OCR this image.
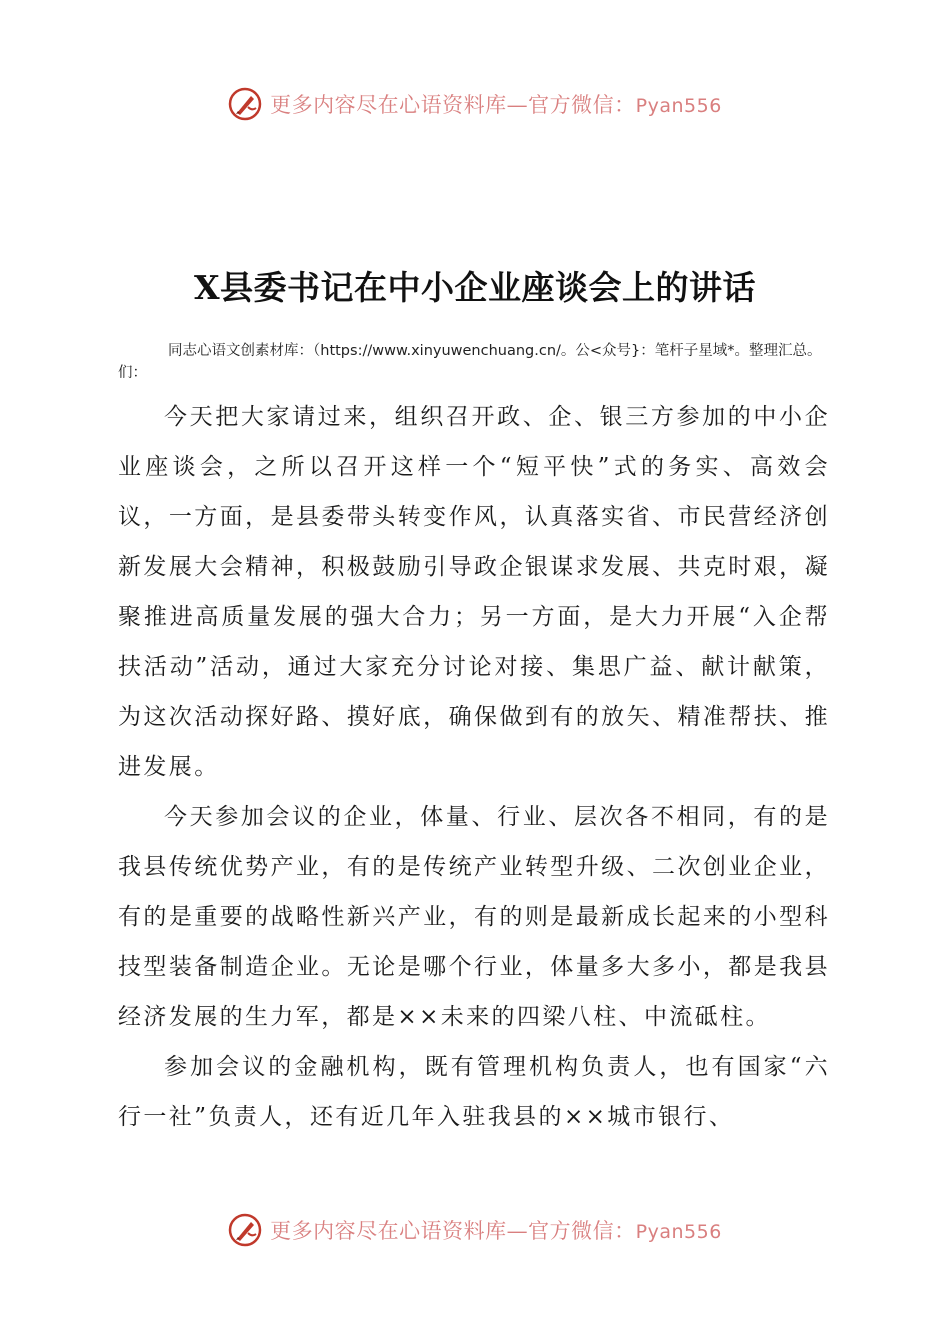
更多内容尽在心语资料库—官方微信：Pyan556
X县委书记在中小企业座谈会上的讲话

同志心语文创素材库：（https://www.xinyuwenchuang.cn/。公<众号}：笔杆子星域*。整理汇总。们：

今天把大家请过来，组织召开政、企、银三方参加的中小企业座谈会，之所以召开这样一个“短平快”式的务实、高效会议，一方面，是县委带头转变作风，认真落实省、市民营经济创新发展大会精神，积极鼓励引导政企银谋求发展、共克时艰，凝聚推进高质量发展的强大合力；另一方面，是大力开展“入企帮扶活动”活动，通过大家充分讨论对接、集思广益、献计献策，为这次活动探好路、摸好底，确保做到有的放矢、精准帮扶、推进发展。

今天参加会议的企业，体量、行业、层次各不相同，有的是我县传统优势产业，有的是传统产业转型升级、二次创业企业，有的是重要的战略性新兴产业，有的则是最新成长起来的小型科技型装备制造企业。无论是哪个行业，体量多大多小，都是我县经济发展的生力军，都是××未来的四梁八柱、中流砥柱。

参加会议的金融机构，既有管理机构负责人，也有国家“六行一社”负责人，还有近几年入驻我县的××城市银行、

更多内容尽在心语资料库—官方微信：Pyan556
